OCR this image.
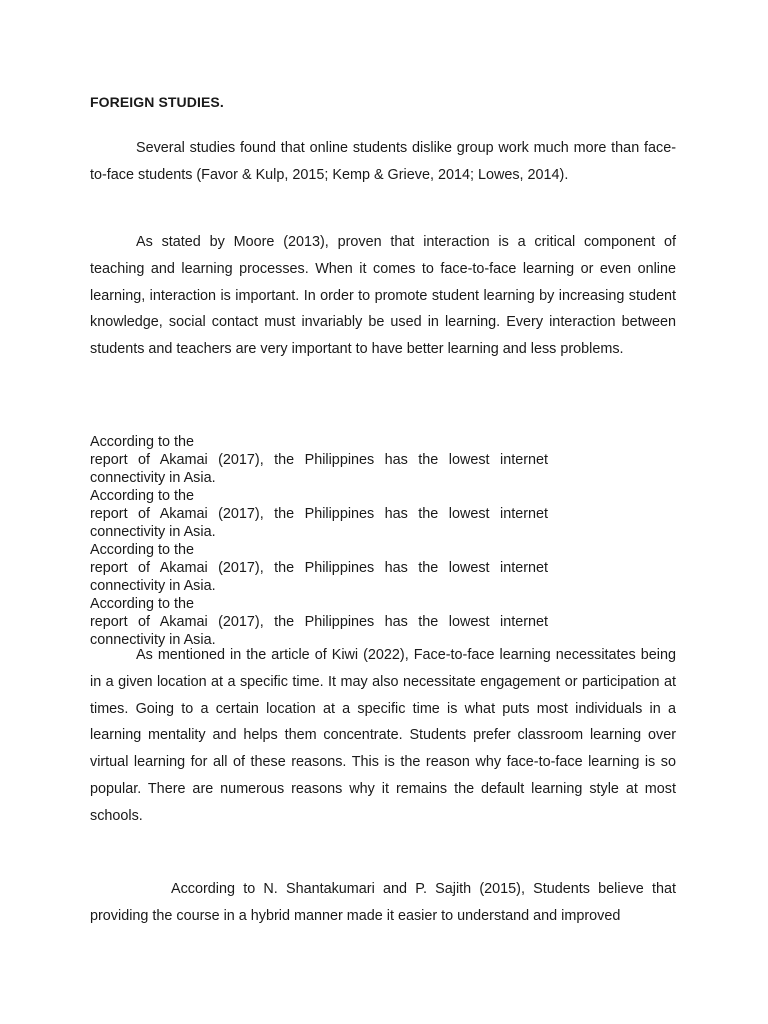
FOREIGN STUDIES.
Several studies found that online students dislike group work much more than face-to-face students (Favor & Kulp, 2015; Kemp & Grieve, 2014; Lowes, 2014).
As stated by Moore (2013), proven that interaction is a critical component of teaching and learning processes. When it comes to face-to-face learning or even online learning, interaction is important. In order to promote student learning by increasing student knowledge, social contact must invariably be used in learning. Every interaction between students and teachers are very important to have better learning and less problems.
According to the
report of Akamai (2017), the Philippines has the lowest internet
connectivity in Asia.
According to the
report of Akamai (2017), the Philippines has the lowest internet
connectivity in Asia.
According to the
report of Akamai (2017), the Philippines has the lowest internet
connectivity in Asia.
According to the
report of Akamai (2017), the Philippines has the lowest internet
connectivity in Asia.
As mentioned in the article of Kiwi (2022), Face-to-face learning necessitates being in a given location at a specific time. It may also necessitate engagement or participation at times. Going to a certain location at a specific time is what puts most individuals in a learning mentality and helps them concentrate. Students prefer classroom learning over virtual learning for all of these reasons. This is the reason why face-to-face learning is so popular. There are numerous reasons why it remains the default learning style at most schools.
According to N. Shantakumari and P. Sajith (2015), Students believe that providing the course in a hybrid manner made it easier to understand and improved
